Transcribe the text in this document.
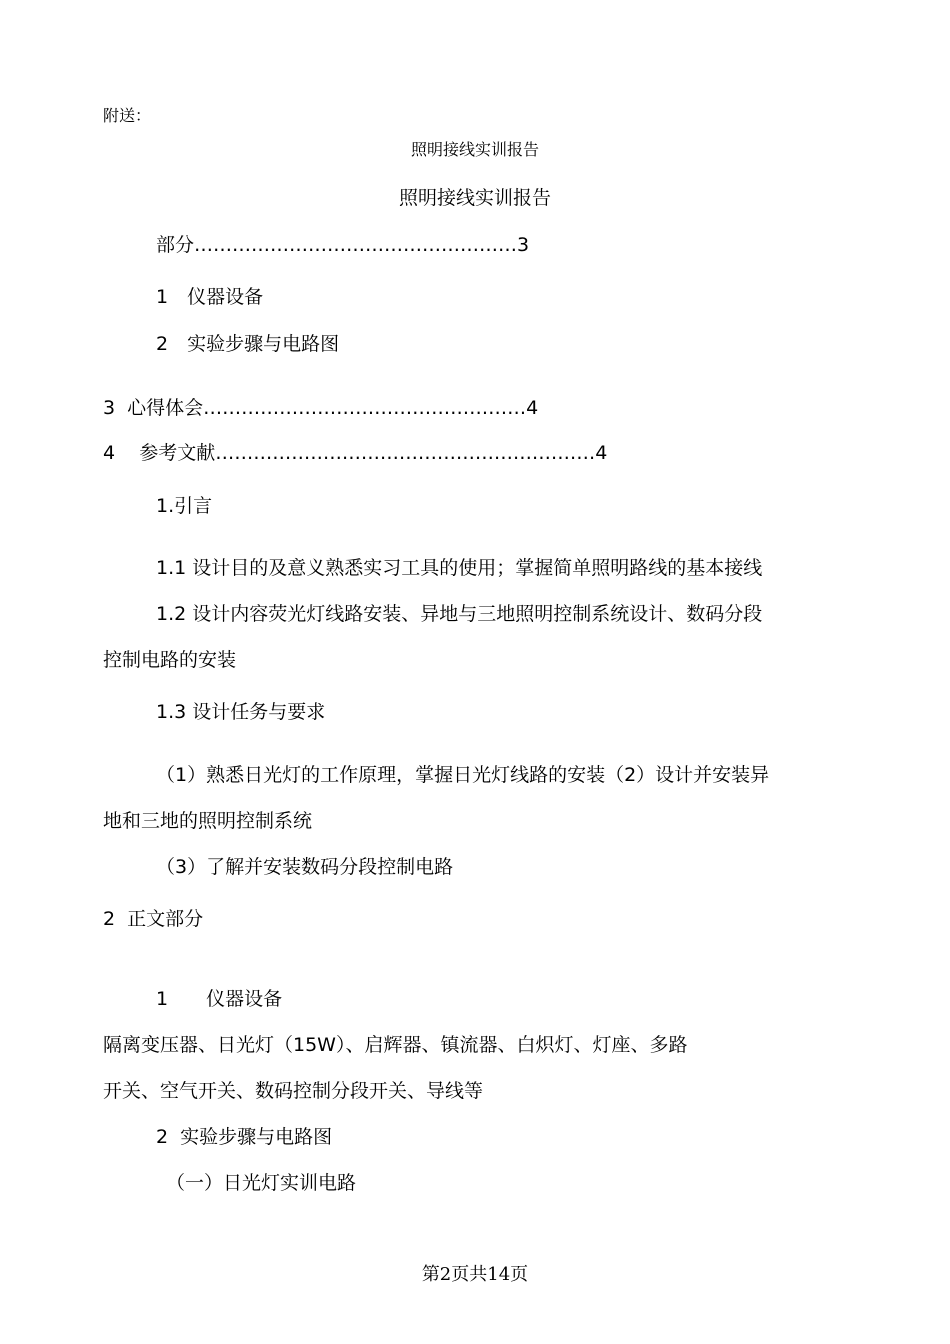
附送：
照明接线实训报告
照明接线实训报告
部分……………………………………………3
1　仪器设备
2　实验步骤与电路图
3  心得体会……………………………………………4
4    参考文献……………………………………………………4
1.引言
1.1 设计目的及意义熟悉实习工具的使用；掌握简单照明路线的基本接线
1.2 设计内容荧光灯线路安装、异地与三地照明控制系统设计、数码分段
控制电路的安装
1.3 设计任务与要求
（1）熟悉日光灯的工作原理，掌握日光灯线路的安装（2）设计并安装异
地和三地的照明控制系统
（3）了解并安装数码分段控制电路
2  正文部分
1　　仪器设备
隔离变压器、日光灯（15W）、启辉器、镇流器、白炽灯、灯座、多路
开关、空气开关、数码控制分段开关、导线等
2  实验步骤与电路图
（一）日光灯实训电路
第2页共14页
